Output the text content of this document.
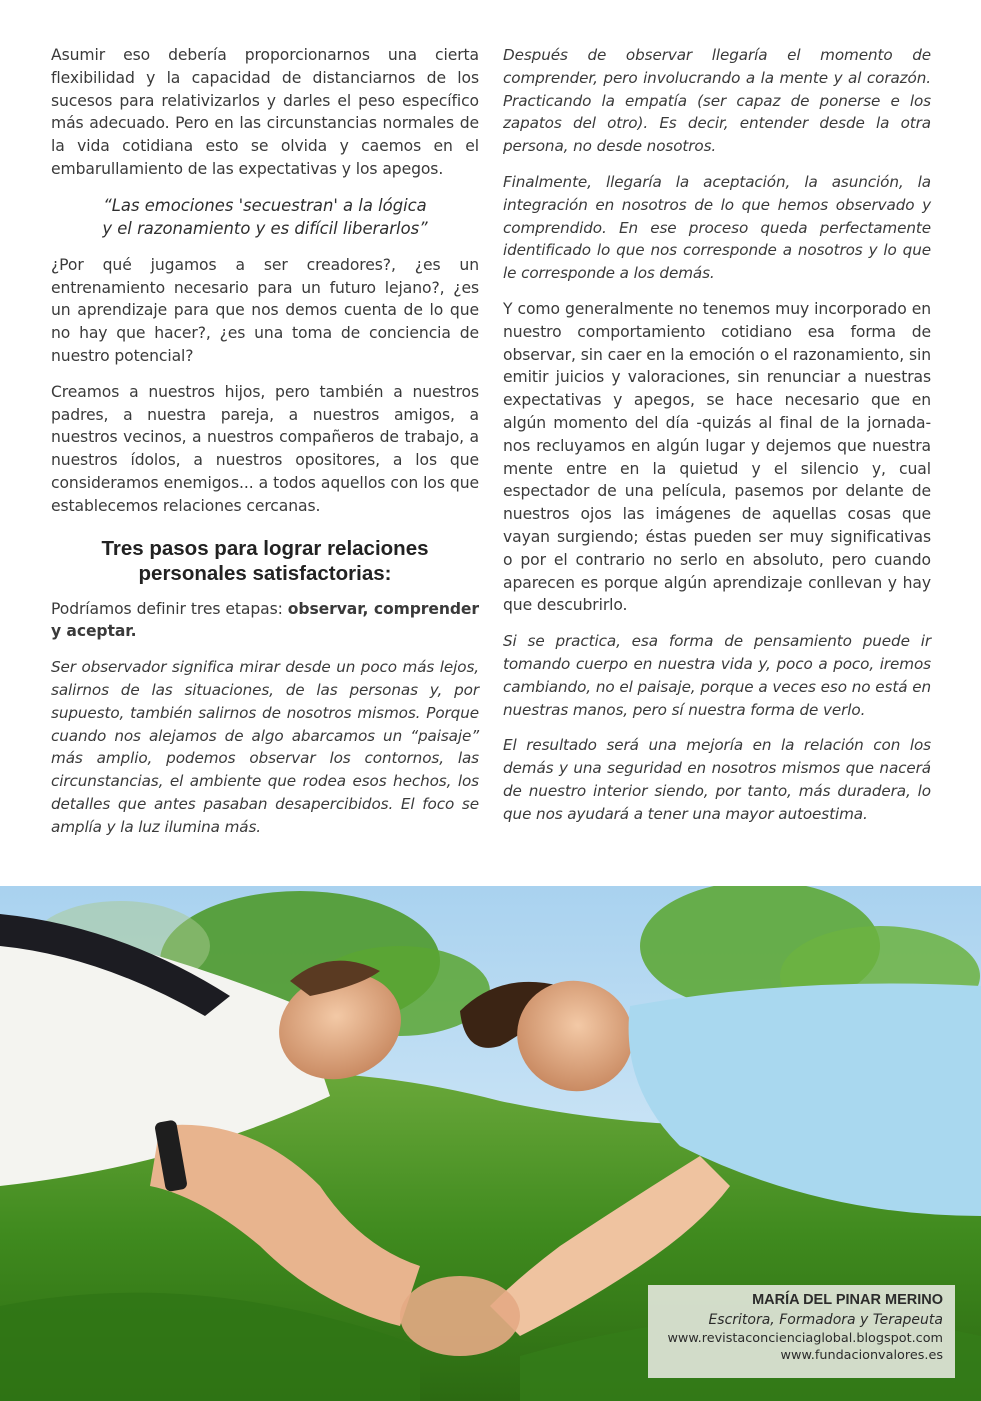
Asumir eso debería proporcionarnos una cierta flexibilidad y la capacidad de distanciarnos de los sucesos para relativizarlos y darles el peso específico más adecuado. Pero en las circunstancias normales de la vida cotidiana esto se olvida y caemos en el embarullamiento de las expectativas y los apegos.

“Las emociones 'secuestran' a la lógica
y el razonamiento y es difícil liberarlos”

¿Por qué jugamos a ser creadores?, ¿es un entrenamiento necesario para un futuro lejano?, ¿es un aprendizaje para que nos demos cuenta de lo que no hay que hacer?, ¿es una toma de conciencia de nuestro potencial?

Creamos a nuestros hijos, pero también a nuestros padres, a nuestra pareja, a nuestros amigos, a nuestros vecinos, a nuestros compañeros de trabajo, a nuestros ídolos, a nuestros opositores, a los que consideramos enemigos... a todos aquellos con los que establecemos relaciones cercanas.

Tres pasos para lograr relaciones
personales satisfactorias:

Podríamos definir tres etapas: observar, comprender y aceptar.

Ser observador significa mirar desde un poco más lejos, salirnos de las situaciones, de las personas y, por supuesto, también salirnos de nosotros mismos. Porque cuando nos alejamos de algo abarcamos un “paisaje” más amplio, podemos observar los contornos, las circunstancias, el ambiente que rodea esos hechos, los detalles que antes pasaban desapercibidos. El foco se amplía y la luz ilumina más.

Después de observar llegaría el momento de comprender, pero involucrando a la mente y al corazón. Practicando la empatía (ser capaz de ponerse e los zapatos del otro). Es decir, entender desde la otra persona, no desde nosotros.

Finalmente, llegaría la aceptación, la asunción, la integración en nosotros de lo que hemos observado y comprendido. En ese proceso queda perfectamente identificado lo que nos corresponde a nosotros y lo que le corresponde a los demás.

Y como generalmente no tenemos muy incorporado en nuestro comportamiento cotidiano esa forma de observar, sin caer en la emoción o el razonamiento, sin emitir juicios y valoraciones, sin renunciar a nuestras expectativas y apegos, se hace necesario que en algún momento del día -quizás al final de la jornada- nos recluyamos en algún lugar y dejemos que nuestra mente entre en la quietud y el silencio y, cual espectador de una película, pasemos por delante de nuestros ojos las imágenes de aquellas cosas que vayan surgiendo; éstas pueden ser muy significativas o por el contrario no serlo en absoluto, pero cuando aparecen es porque algún aprendizaje conllevan y hay que descubrirlo.

Si se practica, esa forma de pensamiento puede ir tomando cuerpo en nuestra vida y, poco a poco, iremos cambiando, no el paisaje, porque a veces eso no está en nuestras manos, pero sí nuestra forma de verlo.

El resultado será una mejoría en la relación con los demás y una seguridad en nosotros mismos que nacerá de nuestro interior siendo, por tanto, más duradera, lo que nos ayudará a tener una mayor autoestima.

MARÍA DEL PINAR MERINO
Escritora, Formadora y Terapeuta
www.revistaconcienciaglobal.blogspot.com
www.fundacionvalores.es
